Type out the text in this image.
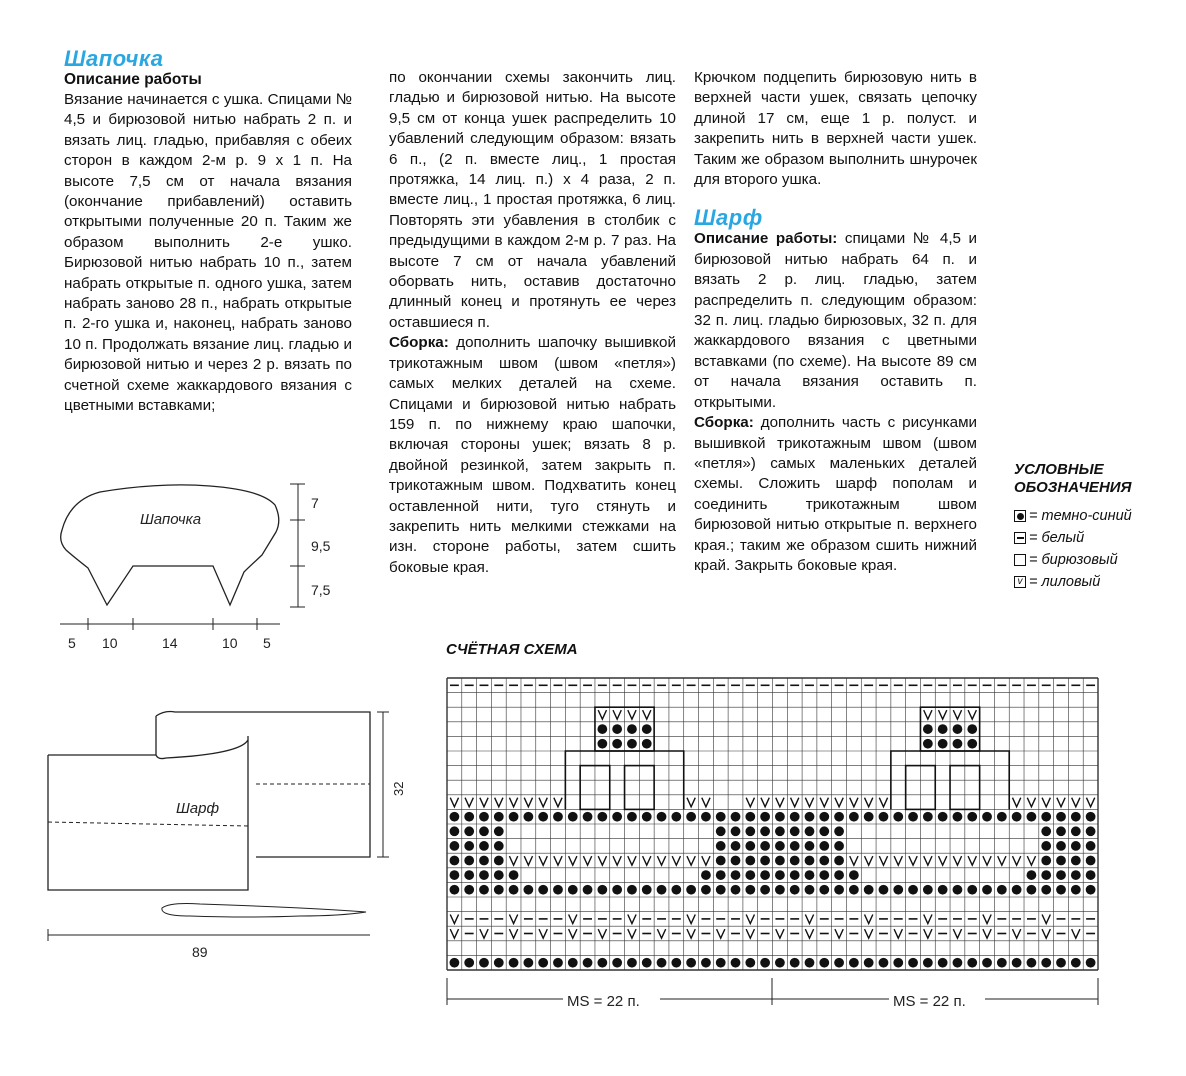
Шапочка
Описание работы

Вязание начинается с ушка. Спицами № 4,5 и бирюзовой нитью набрать 2 п. и вязать лиц. гладью, прибавляя с обеих сторон в каждом 2-м р. 9 x 1 п. На высоте 7,5 см от начала вязания (окончание прибавлений) оставить открытыми полученные 20 п. Таким же образом выполнить 2-е ушко. Бирюзовой нитью набрать 10 п., затем набрать открытые п. одного ушка, затем набрать заново 28 п., набрать открытые п. 2-го ушка и, наконец, набрать заново 10 п. Продолжать вязание лиц. гладью и бирюзовой нитью и через 2 р. вязать по счетной схеме жаккардового вязания с цветными вставками;

по окончании схемы закончить лиц. гладью и бирюзовой нитью. На высоте 9,5 см от конца ушек распределить 10 убавлений следующим образом: вязать 6 п., (2 п. вместе лиц., 1 простая протяжка, 14 лиц. п.) x 4 раза, 2 п. вместе лиц., 1 простая протяжка, 6 лиц. Повторять эти убавления в столбик с предыдущими в каждом 2-м р. 7 раз. На высоте 7 см от начала убавлений оборвать нить, оставив достаточно длинный конец и протянуть ее через оставшиеся п.

Сборка: дополнить шапочку вышивкой трикотажным швом (швом «петля») самых мелких деталей на схеме. Спицами и бирюзовой нитью набрать 159 п. по нижнему краю шапочки, включая стороны ушек; вязать 8 р. двойной резинкой, затем закрыть п. трикотажным швом. Подхватить конец оставленной нити, туго стянуть и закрепить нить мелкими стежками на изн. стороне работы, затем сшить боковые края.

Крючком подцепить бирюзовую нить в верхней части ушек, связать цепочку длиной 17 см, еще 1 р. полуст. и закрепить нить в верхней части ушек. Таким же образом выполнить шнурочек для второго ушка.

Шарф

Описание работы: спицами № 4,5 и бирюзовой нитью набрать 64 п. и вязать 2 р. лиц. гладью, затем распределить п. следующим образом: 32 п. лиц. гладью бирюзовых, 32 п. для жаккардового вязания с цветными вставками (по схеме). На высоте 89 см от начала вязания оставить п. открытыми.

Сборка: дополнить часть с рисунками вышивкой трикотажным швом (швом «петля») самых маленьких деталей схемы. Сложить шарф пополам и соединить трикотажным швом бирюзовой нитью открытые п. верхнего края.; таким же образом сшить нижний край. Закрыть боковые края.

УСЛОВНЫЕ
ОБОЗНАЧЕНИЯ
= темно-синий
= белый
= бирюзовый
v = лиловый
Шапочка
7
9,5
7,5
5 10	14	10 5
Шарф
32
89
СЧЁТНАЯ СХЕМА
MS = 22 п.	MS = 22 п.
